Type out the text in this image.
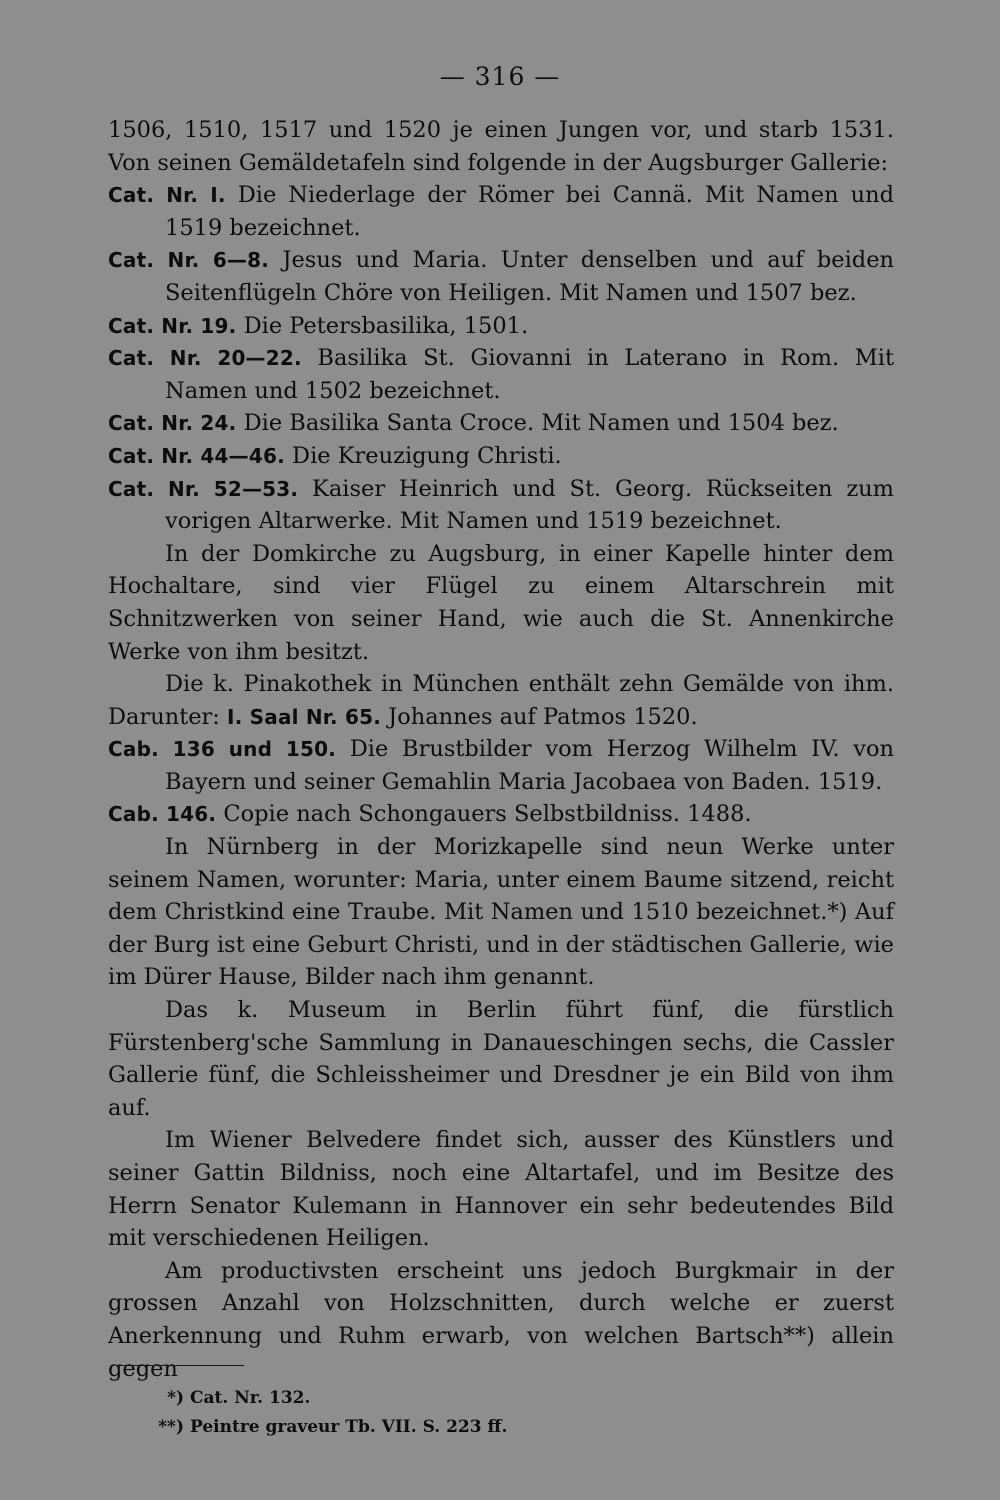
— 316 —

1506, 1510, 1517 und 1520 je einen Jungen vor, und starb 1531. Von seinen Gemäldetafeln sind folgende in der Augsburger Gallerie:

Cat. Nr. I. Die Niederlage der Römer bei Cannä. Mit Namen und 1519 bezeichnet.

Cat. Nr. 6—8. Jesus und Maria. Unter denselben und auf beiden Seitenflügeln Chöre von Heiligen. Mit Namen und 1507 bez.

Cat. Nr. 19. Die Petersbasilika, 1501.

Cat. Nr. 20—22. Basilika St. Giovanni in Laterano in Rom. Mit Namen und 1502 bezeichnet.

Cat. Nr. 24. Die Basilika Santa Croce. Mit Namen und 1504 bez.

Cat. Nr. 44—46. Die Kreuzigung Christi.

Cat. Nr. 52—53. Kaiser Heinrich und St. Georg. Rückseiten zum vorigen Altarwerke. Mit Namen und 1519 bezeichnet.

In der Domkirche zu Augsburg, in einer Kapelle hinter dem Hochaltare, sind vier Flügel zu einem Altarschrein mit Schnitzwerken von seiner Hand, wie auch die St. Annenkirche Werke von ihm besitzt.

Die k. Pinakothek in München enthält zehn Gemälde von ihm. Darunter: I. Saal Nr. 65. Johannes auf Patmos 1520.

Cab. 136 und 150. Die Brustbilder vom Herzog Wilhelm IV. von Bayern und seiner Gemahlin Maria Jacobaea von Baden. 1519.

Cab. 146. Copie nach Schongauers Selbstbildniss. 1488.

In Nürnberg in der Morizkapelle sind neun Werke unter seinem Namen, worunter: Maria, unter einem Baume sitzend, reicht dem Christkind eine Traube. Mit Namen und 1510 bezeichnet.*) Auf der Burg ist eine Geburt Christi, und in der städtischen Gallerie, wie im Dürer Hause, Bilder nach ihm genannt.

Das k. Museum in Berlin führt fünf, die fürstlich Fürstenberg'sche Sammlung in Danaueschingen sechs, die Cassler Gallerie fünf, die Schleissheimer und Dresdner je ein Bild von ihm auf.

Im Wiener Belvedere findet sich, ausser des Künstlers und seiner Gattin Bildniss, noch eine Altartafel, und im Besitze des Herrn Senator Kulemann in Hannover ein sehr bedeutendes Bild mit verschiedenen Heiligen.

Am productivsten erscheint uns jedoch Burgkmair in der grossen Anzahl von Holzschnitten, durch welche er zuerst Anerkennung und Ruhm erwarb, von welchen Bartsch**) allein gegen

*) Cat. Nr. 132.

**) Peintre graveur Tb. VII. S. 223 ff.
